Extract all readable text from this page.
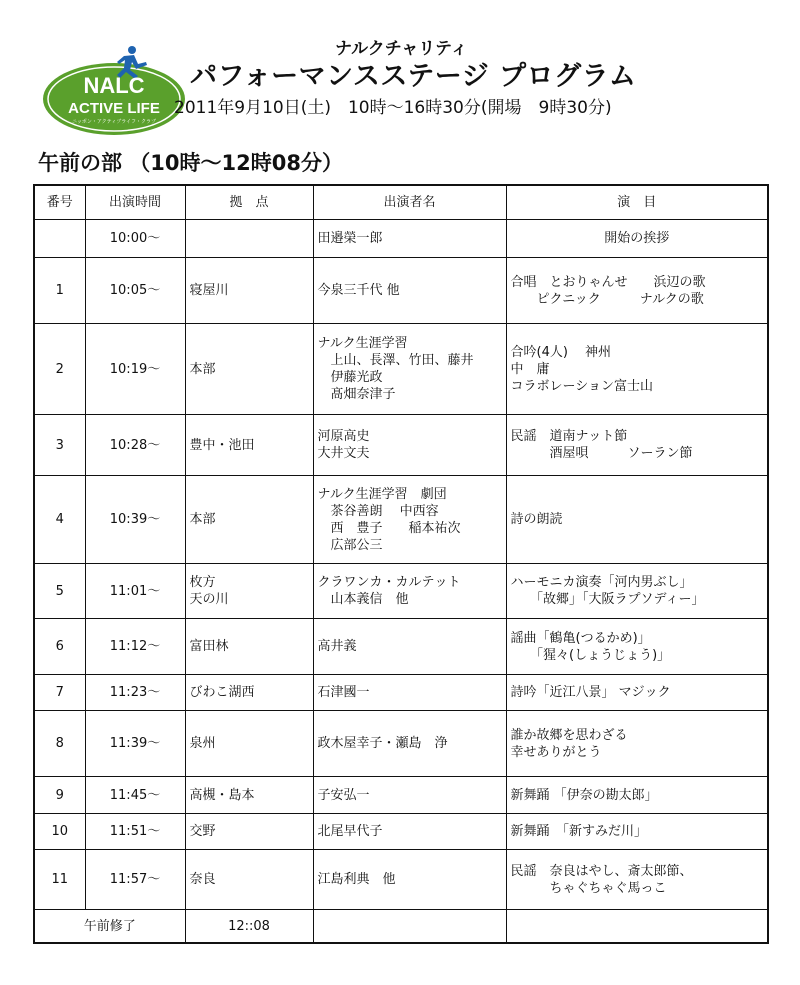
NALC
ACTIVE LIFE
ニッポン・アクティブライフ・クラブ
ナルクチャリティ
パフォーマンスステージ プログラム
2011年9月10日(土)　10時～16時30分(開場　9時30分)
午前の部 （10時～12時08分）
番号	出演時間	拠　点	出演者名	演　目
	10:00～		田邉榮一郎	開始の挨拶
1	10:05～	寝屋川	今泉三千代 他	合唱　とおりゃんせ　　浜辺の歌
　　ピクニック　　　ナルクの歌
2	10:19～	本部	ナルク生涯学習
　上山、長澤、竹田、藤井
　伊藤光政
　髙畑奈津子	合吟(4人)　 神州
中　庸
コラボレーション富士山
3	10:28～	豊中・池田	河原高史
大井文夫	民謡　道南ナット節
　　　酒屋唄　　　ソーラン節
4	10:39～	本部	ナルク生涯学習　劇団
　茶谷善朗　 中西容
　西　豊子　　稲本祐次
　広部公三	詩の朗読
5	11:01～	枚方
天の川	クラワンカ・カルテット
　山本義信　他	ハーモニカ演奏「河内男ぶし」
　　「故郷」「大阪ラプソディー」
6	11:12～	富田林	高井義	謡曲「鶴亀(つるかめ)」
　　「猩々(しょうじょう)」
7	11:23～	びわこ湖西	石津國一	詩吟「近江八景」 マジック
8	11:39～	泉州	政木屋幸子・瀬島　浄	誰か故郷を思わざる
幸せありがとう
9	11:45～	高槻・島本	子安弘一	新舞踊 「伊奈の勘太郎」
10	11:51～	交野	北尾早代子	新舞踊　「新すみだ川」
11	11:57～	奈良	江島利典　他	民謡　奈良はやし、斎太郎節、
　　　ちゃぐちゃぐ馬っこ
午前修了		12::08		
